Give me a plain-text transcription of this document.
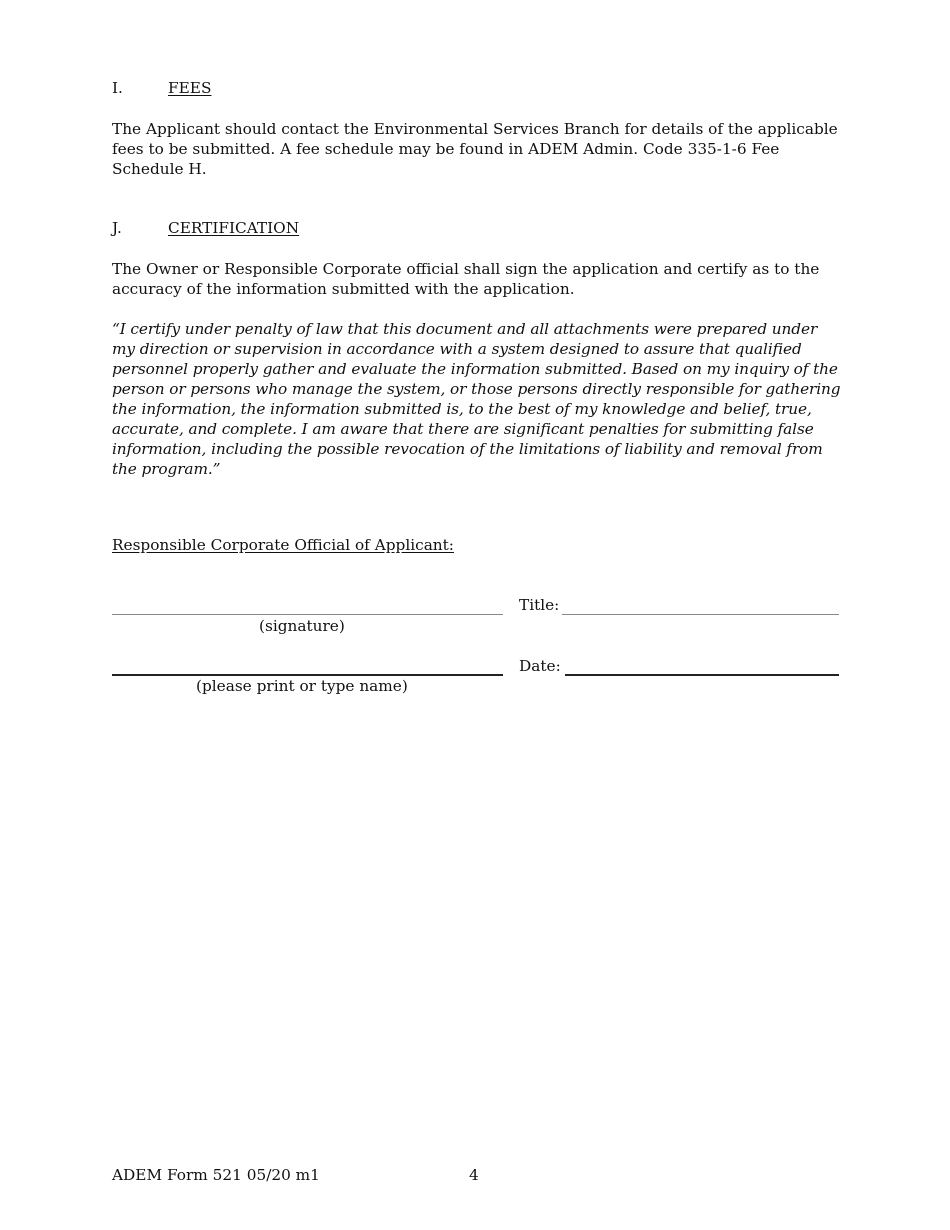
I.	FEES
The Applicant should contact the Environmental Services Branch for details of the applicable fees to be submitted. A fee schedule may be found in ADEM Admin. Code 335-1-6 Fee Schedule H.
J.	CERTIFICATION
The Owner or Responsible Corporate official shall sign the application and certify as to the accuracy of the information submitted with the application.
“I certify under penalty of law that this document and all attachments were prepared under my direction or supervision in accordance with a system designed to assure that qualified personnel properly gather and evaluate the information submitted. Based on my inquiry of the person or persons who manage the system, or those persons directly responsible for gathering the information, the information submitted is, to the best of my knowledge and belief, true, accurate, and complete. I am aware that there are significant penalties for submitting false information, including the possible revocation of the limitations of liability and removal from the program.”
Responsible Corporate Official of Applicant:
(signature)
Title:
(please print or type name)
Date:
ADEM Form 521 05/20 m1	4
